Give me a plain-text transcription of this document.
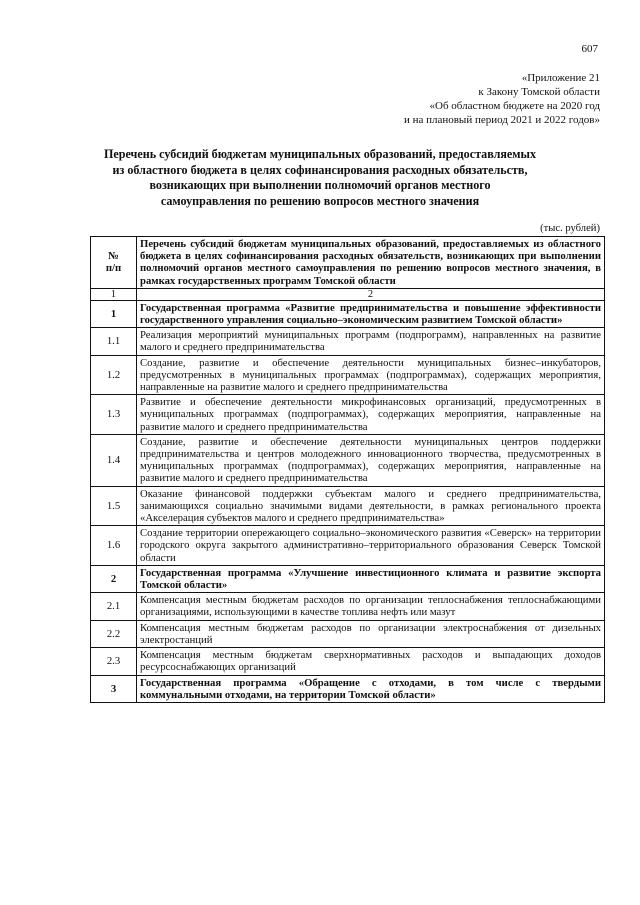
607
«Приложение 21
к Закону Томской области
«Об областном бюджете на 2020 год
и на плановый период 2021 и 2022 годов»
Перечень субсидий бюджетам муниципальных образований, предоставляемых
из областного бюджета в целях софинансирования расходных обязательств,
возникающих при выполнении полномочий органов местного
самоуправления по решению вопросов местного значения
(тыс. рублей)
№
п/п	Перечень субсидий бюджетам муниципальных образований, предоставляемых из областного бюджета в целях софинансирования расходных обязательств, возникающих при выполнении полномочий органов местного самоуправления по решению вопросов местного значения, в рамках государственных программ Томской области
1	2
1	Государственная программа «Развитие предпринимательства и повышение эффективности государственного управления социально–экономическим развитием Томской области»
1.1	Реализация мероприятий муниципальных программ (подпрограмм), направленных на развитие малого и среднего предпринимательства
1.2	Создание, развитие и обеспечение деятельности муниципальных бизнес–инкубаторов, предусмотренных в муниципальных программах (подпрограммах), содержащих мероприятия, направленные на развитие малого и среднего предпринимательства
1.3	Развитие и обеспечение деятельности микрофинансовых организаций, предусмотренных в муниципальных программах (подпрограммах), содержащих мероприятия, направленные на развитие малого и среднего предпринимательства
1.4	Создание, развитие и обеспечение деятельности муниципальных центров поддержки предпринимательства и центров молодежного инновационного творчества, предусмотренных в муниципальных программах (подпрограммах), содержащих мероприятия, направленные на развитие малого и среднего предпринимательства
1.5	Оказание финансовой поддержки субъектам малого и среднего предпринимательства, занимающихся социально значимыми видами деятельности, в рамках регионального проекта «Акселерация субъектов малого и среднего предпринимательства»
1.6	Создание территории опережающего социально–экономического развития «Северск» на территории городского округа закрытого административно–территориального образования Северск Томской области
2	Государственная программа «Улучшение инвестиционного климата и развитие экспорта Томской области»
2.1	Компенсация местным бюджетам расходов по организации теплоснабжения теплоснабжающими организациями, использующими в качестве топлива нефть или мазут
2.2	Компенсация местным бюджетам расходов по организации электроснабжения от дизельных электростанций
2.3	Компенсация местным бюджетам сверхнормативных расходов и выпадающих доходов ресурсоснабжающих организаций
3	Государственная программа «Обращение с отходами, в том числе с твердыми коммунальными отходами, на территории Томской области»
